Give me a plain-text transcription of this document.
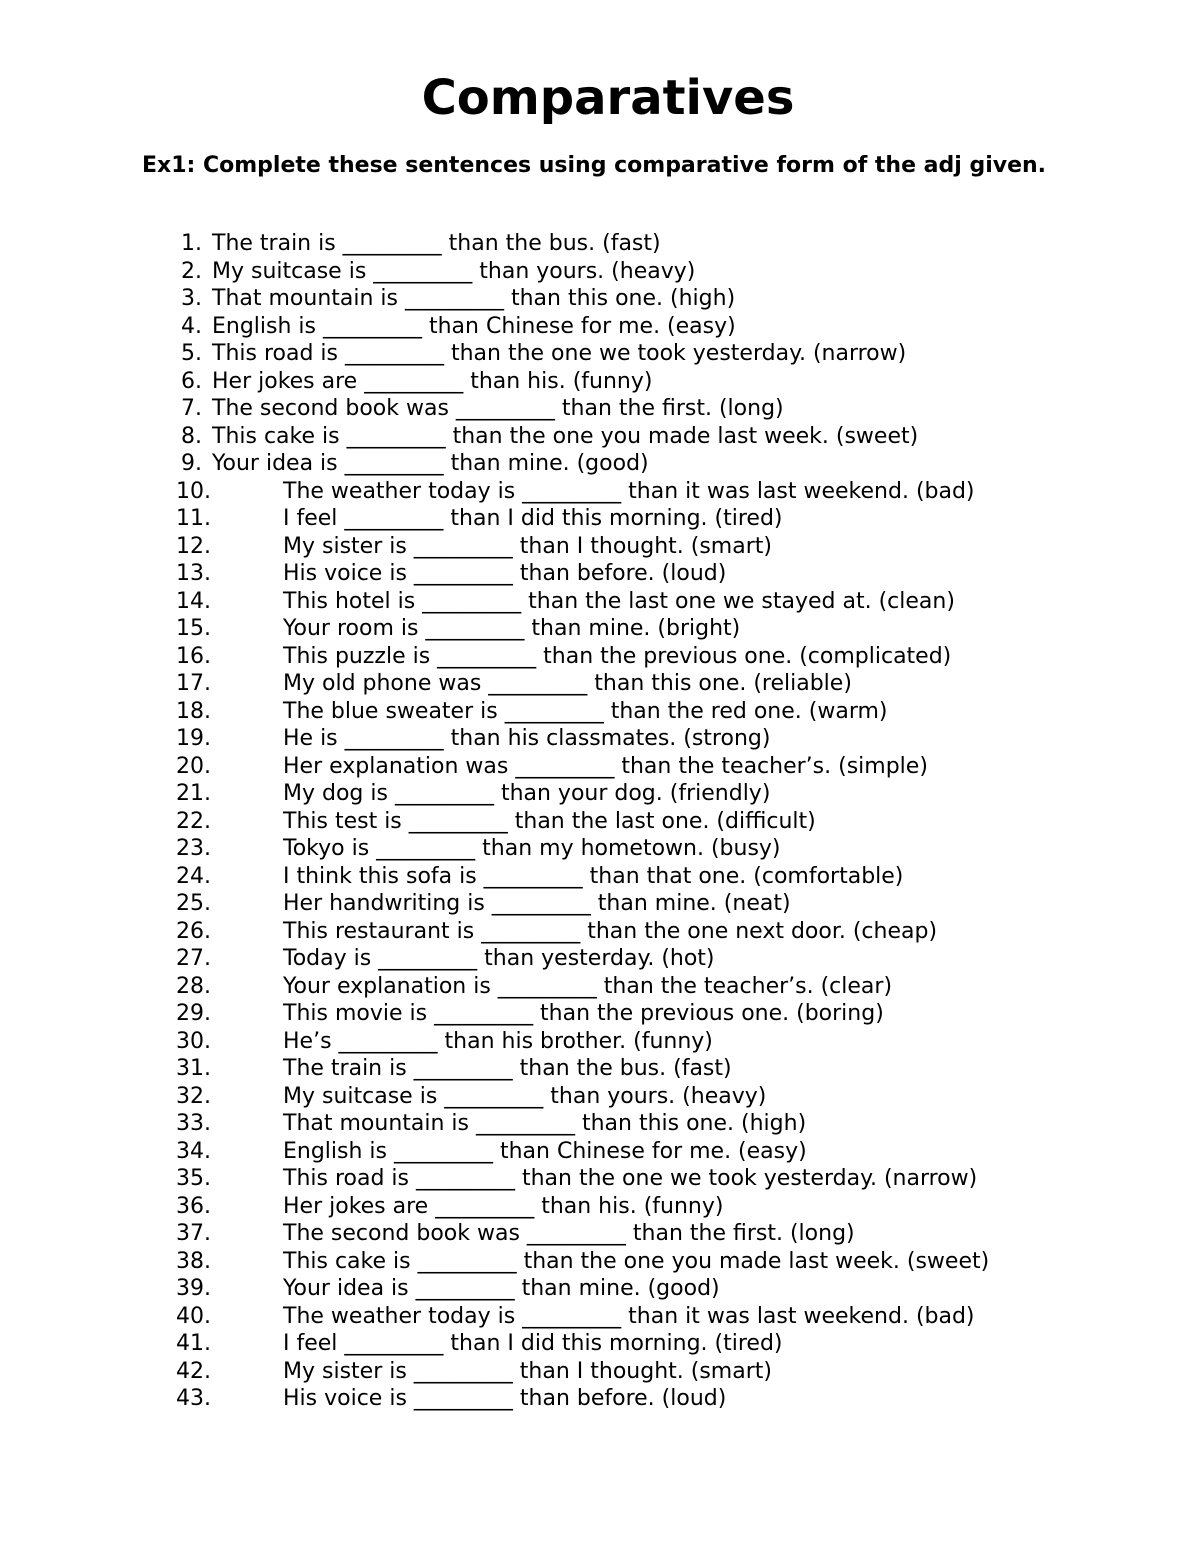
Comparatives

Ex1: Complete these sentences using comparative form of the adj given.

1. The train is _________ than the bus. (fast)
2. My suitcase is _________ than yours. (heavy)
3. That mountain is _________ than this one. (high)
4. English is _________ than Chinese for me. (easy)
5. This road is _________ than the one we took yesterday. (narrow)
6. Her jokes are _________ than his. (funny)
7. The second book was _________ than the first. (long)
8. This cake is _________ than the one you made last week. (sweet)
9. Your idea is _________ than mine. (good)
10.	The weather today is _________ than it was last weekend. (bad)
11.	I feel _________ than I did this morning. (tired)
12.	My sister is _________ than I thought. (smart)
13.	His voice is _________ than before. (loud)
14.	This hotel is _________ than the last one we stayed at. (clean)
15.	Your room is _________ than mine. (bright)
16.	This puzzle is _________ than the previous one. (complicated)
17.	My old phone was _________ than this one. (reliable)
18.	The blue sweater is _________ than the red one. (warm)
19.	He is _________ than his classmates. (strong)
20.	Her explanation was _________ than the teacher’s. (simple)
21.	My dog is _________ than your dog. (friendly)
22.	This test is _________ than the last one. (difficult)
23.	Tokyo is _________ than my hometown. (busy)
24.	I think this sofa is _________ than that one. (comfortable)
25.	Her handwriting is _________ than mine. (neat)
26.	This restaurant is _________ than the one next door. (cheap)
27.	Today is _________ than yesterday. (hot)
28.	Your explanation is _________ than the teacher’s. (clear)
29.	This movie is _________ than the previous one. (boring)
30.	He’s _________ than his brother. (funny)
31.	The train is _________ than the bus. (fast)
32.	My suitcase is _________ than yours. (heavy)
33.	That mountain is _________ than this one. (high)
34.	English is _________ than Chinese for me. (easy)
35.	This road is _________ than the one we took yesterday. (narrow)
36.	Her jokes are _________ than his. (funny)
37.	The second book was _________ than the first. (long)
38.	This cake is _________ than the one you made last week. (sweet)
39.	Your idea is _________ than mine. (good)
40.	The weather today is _________ than it was last weekend. (bad)
41.	I feel _________ than I did this morning. (tired)
42.	My sister is _________ than I thought. (smart)
43.	His voice is _________ than before. (loud)
